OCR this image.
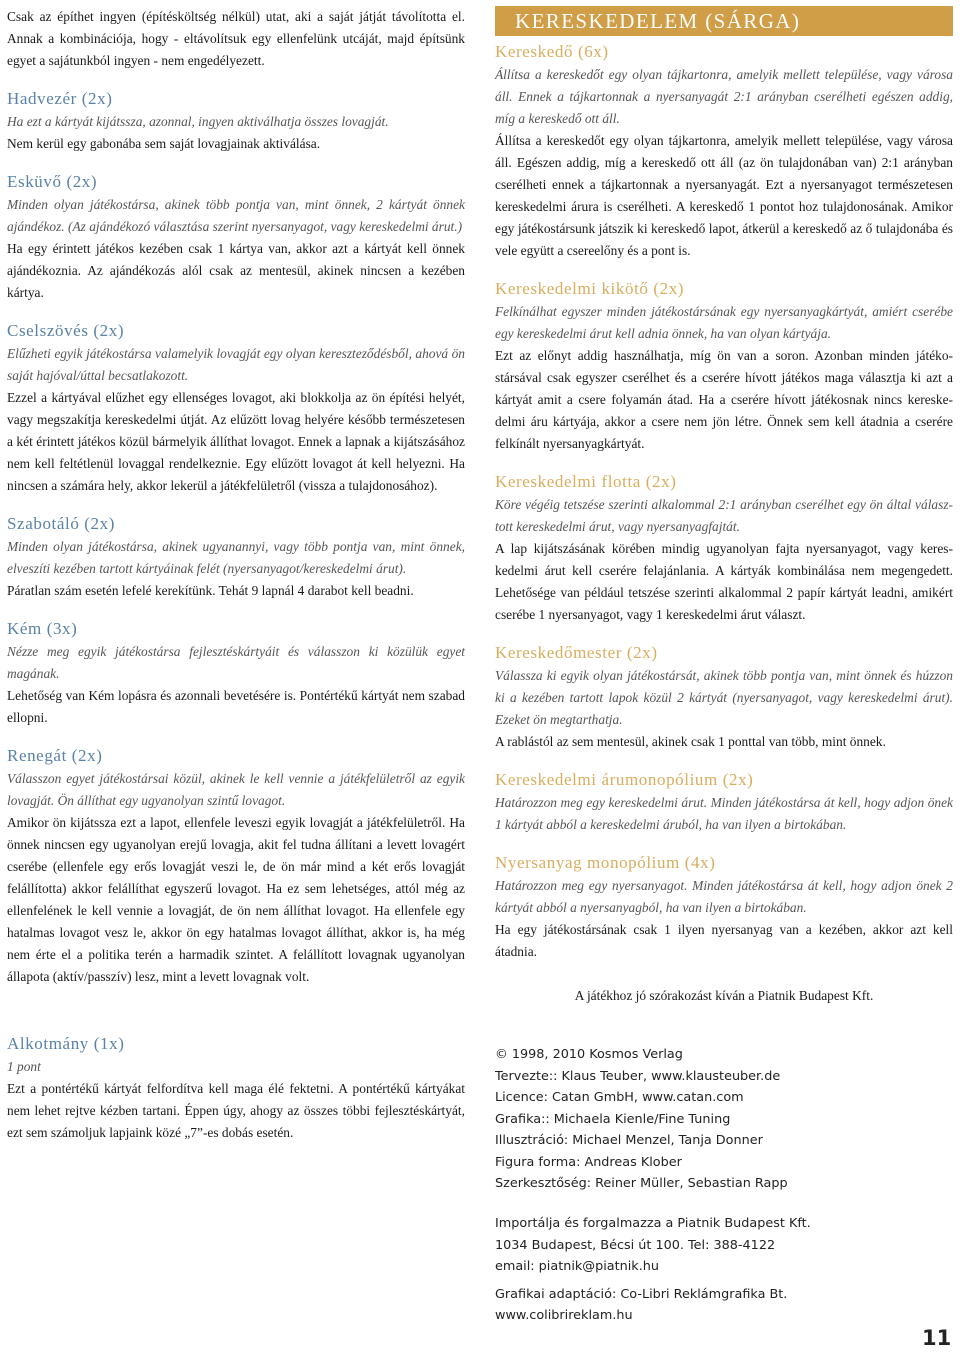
Csak az építhet ingyen (építésköltség nélkül) utat, aki a saját játját távolította el. Annak a kombinációja, hogy - eltávolítsuk egy ellenfelünk utcáját, majd építsünk egyet a sajátunkból ingyen - nem engedélyezett.

Hadvezér (2x)

Ha ezt a kártyát kijátssza, azonnal, ingyen aktiválhatja összes lovagját.

Nem kerül egy gabonába sem saját lovagjainak aktiválása.

Esküvő (2x)

Minden olyan játékostársa, akinek több pontja van, mint önnek, 2 kártyát önnek ajándékoz. (Az ajándékozó választása szerint nyersanyagot, vagy kereskedelmi árut.)

Ha egy érintett játékos kezében csak 1 kártya van, akkor azt a kártyát kell önnek ajándékoznia. Az ajándékozás alól csak az mentesül, akinek nincsen a kezében kártya.

Cselszövés (2x)

Elűzheti egyik játékostársa valamelyik lovagját egy olyan kereszteződésből, ahová ön saját hajóval/úttal becsatlakozott.

Ezzel a kártyával elűzhet egy ellenséges lovagot, aki blokkolja az ön építési helyét, vagy megszakítja kereskedelmi útját. Az elűzött lovag helyére később természetesen a két érintett játékos közül bármelyik állíthat lovagot. Ennek a lapnak a kijátszásához nem kell feltétlenül lovaggal rendelkeznie. Egy elűzött lovagot át kell helyezni. Ha nincsen a számára hely, akkor lekerül a játékfelületről (vissza a tulajdonosához).

Szabotáló (2x)

Minden olyan játékostársa, akinek ugyanannyi, vagy több pontja van, mint önnek, elveszíti kezében tartott kártyáinak felét (nyersanyagot/kereskedelmi árut).

Páratlan szám esetén lefelé kerekítünk. Tehát 9 lapnál 4 darabot kell beadni.

Kém (3x)

Nézze meg egyik játékostársa fejlesztéskártyáit és válasszon ki közülük egyet magának.

Lehetőség van Kém lopásra és azonnali bevetésére is. Pontértékű kártyát nem szabad ellopni.

Renegát (2x)

Válasszon egyet játékostársai közül, akinek le kell vennie a játékfelületről az egyik lovagját. Ön állíthat egy ugyanolyan szintű lovagot.

Amikor ön kijátssza ezt a lapot, ellenfele leveszi egyik lovagját a játékfelületről. Ha önnek nincsen egy ugyanolyan erejű lovagja, akit fel tudna állítani a levett lovagért cserébe (ellenfele egy erős lovagját veszi le, de ön már mind a két erős lovagját felállította) akkor felállíthat egyszerű lovagot. Ha ez sem lehetséges, attól még az ellenfelének le kell vennie a lovagját, de ön nem állíthat lovagot. Ha ellenfele egy hatalmas lovagot vesz le, akkor ön egy hatalmas lovagot állíthat, akkor is, ha még nem érte el a politika terén a harmadik szintet. A felállított lovagnak ugyanolyan állapota (aktív/passzív) lesz, mint a levett lovagnak volt.

Alkotmány (1x)

1 pont

Ezt a pontértékű kártyát felfordítva kell maga élé fektetni. A pontértékű kártyákat nem lehet rejtve kézben tartani. Éppen úgy, ahogy az összes többi fejlesztéskártyát, ezt sem számoljuk lapjaink közé „7”-es dobás esetén.

KERESKEDELEM (SÁRGA)
Kereskedő (6x)

Állítsa a kereskedőt egy olyan tájkartonra, amelyik mellett települése, vagy városa áll. Ennek a tájkartonnak a nyersanyagát 2:1 arányban cserélheti egészen addig, míg a kereskedő ott áll.

Állítsa a kereskedőt egy olyan tájkartonra, amelyik mellett települése, vagy városa áll. Egészen addig, míg a kereskedő ott áll (az ön tulajdonában van) 2:1 arányban cserélheti ennek a tájkartonnak a nyersanyagát. Ezt a nyersanyagot természetesen kereskedelmi árura is cserélheti. A kereskedő 1 pontot hoz tulajdonosának. Amikor egy játékostársunk játszik ki kereskedő lapot, átkerül a kereskedő az ő tulajdonába és vele együtt a csereelőny és a pont is.

Kereskedelmi kikötő (2x)

Felkínálhat egyszer minden játékostársának egy nyersanyagkártyát, amiért cserébe egy kereskedelmi árut kell adnia önnek, ha van olyan kártyája.

Ezt az előnyt addig használhatja, míg ön van a soron. Azonban minden játékostársával csak egyszer cserélhet és a cserére hívott játékos maga választja ki azt a kártyát amit a csere folyamán átad. Ha a cserére hívott játékosnak nincs kereskedelmi áru kártyája, akkor a csere nem jön létre. Önnek sem kell átadnia a cserére felkínált nyersanyagkártyát.

Kereskedelmi flotta (2x)

Köre végéig tetszése szerinti alkalommal 2:1 arányban cserélhet egy ön által választott kereskedelmi árut, vagy nyersanyagfajtát.

A lap kijátszásának körében mindig ugyanolyan fajta nyersanyagot, vagy kereskedelmi árut kell cserére felajánlania. A kártyák kombinálása nem megengedett. Lehetősége van például tetszése szerinti alkalommal 2 papír kártyát leadni, amikért cserébe 1 nyersanyagot, vagy 1 kereskedelmi árut választ.

Kereskedőmester (2x)

Válasszа ki egyik olyan játékostársát, akinek több pontja van, mint önnek és húzzon ki a kezében tartott lapok közül 2 kártyát (nyersanyagot, vagy kereskedelmi árut). Ezeket ön megtarthatja.

A rablástól az sem mentesül, akinek csak 1 ponttal van több, mint önnek.

Kereskedelmi árumonopólium (2x)

Határozzon meg egy kereskedelmi árut. Minden játékostársa át kell, hogy adjon önek 1 kártyát abból a kereskedelmi áruból, ha van ilyen a birtokában.

Nyersanyag monopólium (4x)

Határozzon meg egy nyersanyagot. Minden játékostársa át kell, hogy adjon önek 2 kártyát abból a nyersanyagból, ha van ilyen a birtokában.

Ha egy játékostársának csak 1 ilyen nyersanyag van a kezében, akkor azt kell átadnia.

A játékhoz jó szórakozást kíván a Piatnik Budapest Kft.

© 1998, 2010 Kosmos Verlag
Tervezte:: Klaus Teuber, www.klausteuber.de
Licence: Catan GmbH, www.catan.com
Grafika:: Michaela Kienle/Fine Tuning
Illusztráció: Michael Menzel, Tanja Donner
Figura forma: Andreas Klober
Szerkesztőség: Reiner Müller, Sebastian Rapp
Importálja és forgalmazza a Piatnik Budapest Kft.
1034 Budapest, Bécsi út 100. Tel: 388-4122
email: piatnik@piatnik.hu
Grafikai adaptáció: Co-Libri Reklámgrafika Bt.
www.colibrireklam.hu
11
